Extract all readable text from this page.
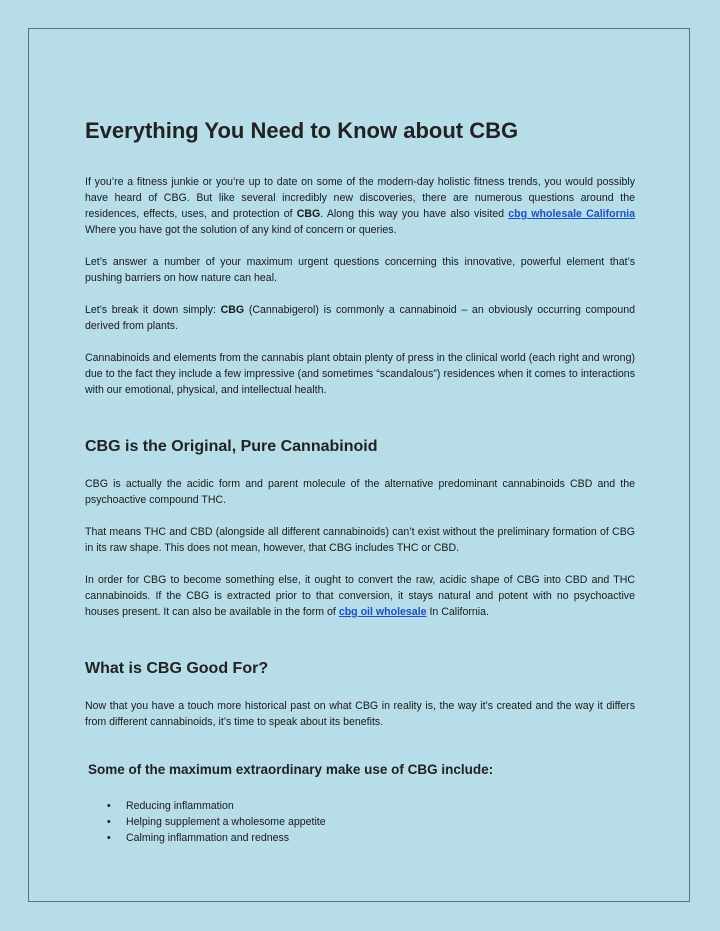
Everything You Need to Know about CBG

If you’re a fitness junkie or you’re up to date on some of the modern-day holistic fitness trends, you would possibly have heard of CBG. But like several incredibly new discoveries, there are numerous questions around the residences, effects, uses, and protection of CBG. Along this way you have also visited cbg wholesale California Where you have got the solution of any kind of concern or queries.

Let’s answer a number of your maximum urgent questions concerning this innovative, powerful element that’s pushing barriers on how nature can heal.

Let's break it down simply: CBG (Cannabigerol) is commonly a cannabinoid – an obviously occurring compound derived from plants.

Cannabinoids and elements from the cannabis plant obtain plenty of press in the clinical world (each right and wrong) due to the fact they include a few impressive (and sometimes “scandalous”) residences when it comes to interactions with our emotional, physical, and intellectual health.

CBG is the Original, Pure Cannabinoid

CBG is actually the acidic form and parent molecule of the alternative predominant cannabinoids CBD and the psychoactive compound THC.

That means THC and CBD (alongside all different cannabinoids) can’t exist without the preliminary formation of CBG in its raw shape. This does not mean, however, that CBG includes THC or CBD.

In order for CBG to become something else, it ought to convert the raw, acidic shape of CBG into CBD and THC cannabinoids. If the CBG is extracted prior to that conversion, it stays natural and potent with no psychoactive houses present. It can also be available in the form of cbg oil wholesale In California.

What is CBG Good For?

Now that you have a touch more historical past on what CBG in reality is, the way it’s created and the way it differs from different cannabinoids, it’s time to speak about its benefits.

Some of the maximum extraordinary make use of CBG include:
• Reducing inflammation
• Helping supplement a wholesome appetite
• Calming inflammation and redness
